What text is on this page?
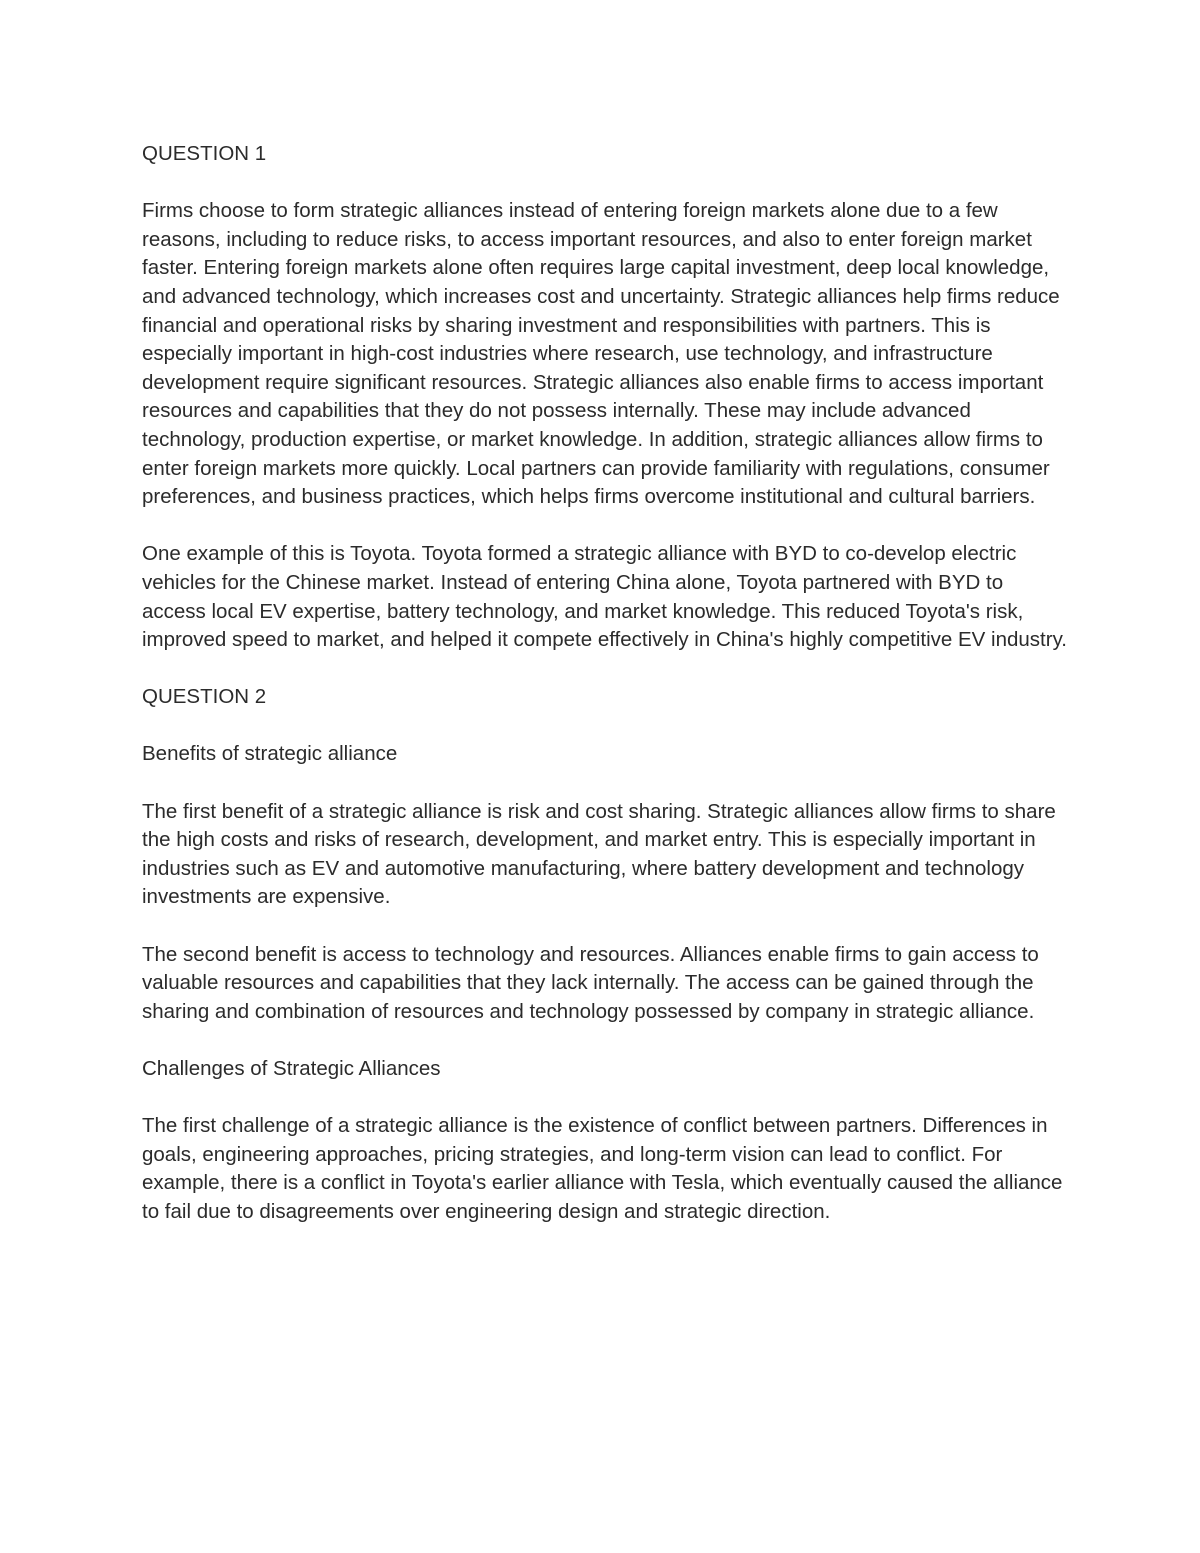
QUESTION 1

Firms choose to form strategic alliances instead of entering foreign markets alone due to a few reasons, including to reduce risks, to access important resources, and also to enter foreign market faster. Entering foreign markets alone often requires large capital investment, deep local knowledge, and advanced technology, which increases cost and uncertainty. Strategic alliances help firms reduce financial and operational risks by sharing investment and responsibilities with partners. This is especially important in high-cost industries where research, use technology, and infrastructure development require significant resources. Strategic alliances also enable firms to access important resources and capabilities that they do not possess internally. These may include advanced technology, production expertise, or market knowledge. In addition, strategic alliances allow firms to enter foreign markets more quickly. Local partners can provide familiarity with regulations, consumer preferences, and business practices, which helps firms overcome institutional and cultural barriers.

One example of this is Toyota. Toyota formed a strategic alliance with BYD to co-develop electric vehicles for the Chinese market. Instead of entering China alone, Toyota partnered with BYD to access local EV expertise, battery technology, and market knowledge. This reduced Toyota's risk, improved speed to market, and helped it compete effectively in China's highly competitive EV industry.

QUESTION 2

Benefits of strategic alliance

The first benefit of a strategic alliance is risk and cost sharing. Strategic alliances allow firms to share the high costs and risks of research, development, and market entry. This is especially important in industries such as EV and automotive manufacturing, where battery development and technology investments are expensive.

The second benefit is access to technology and resources. Alliances enable firms to gain access to valuable resources and capabilities that they lack internally. The access can be gained through the sharing and combination of resources and technology possessed by company in strategic alliance.

Challenges of Strategic Alliances

The first challenge of a strategic alliance is the existence of conflict between partners. Differences in goals, engineering approaches, pricing strategies, and long-term vision can lead to conflict. For example, there is a conflict in Toyota's earlier alliance with Tesla, which eventually caused the alliance to fail due to disagreements over engineering design and strategic direction.
